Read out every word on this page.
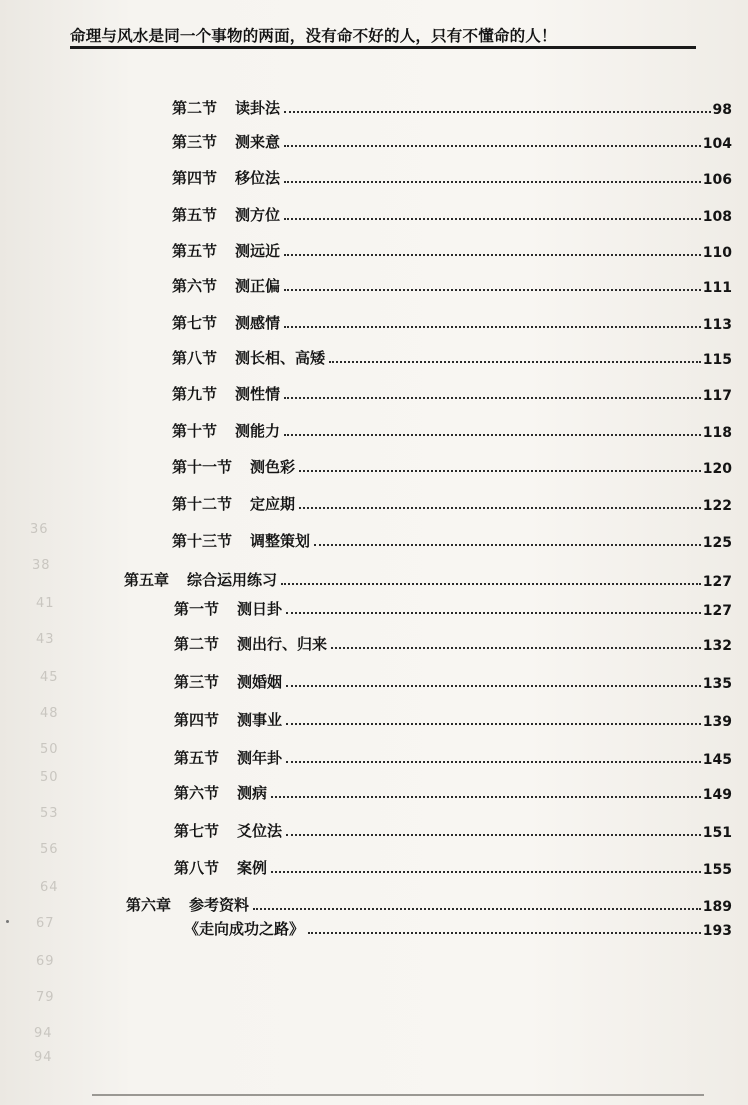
命理与风水是同一个事物的两面，没有命不好的人，只有不懂命的人！
第二节 读卦法	98
第三节 测来意	104
第四节 移位法	106
第五节 测方位	108
第五节 测远近	110
第六节 测正偏	111
第七节 测感情	113
第八节 测长相、高矮	115
第九节 测性情	117
第十节 测能力	118
第十一节 测色彩	120
第十二节 定应期	122
第十三节 调整策划	125
第五章 综合运用练习	127
第一节 测日卦	127
第二节 测出行、归来	132
第三节 测婚姻	135
第四节 测事业	139
第五节 测年卦	145
第六节 测病	149
第七节 爻位法	151
第八节 案例	155
第六章 参考资料	189
《走向成功之路》	193
36
38
41
43
45
48
50
50
53
56
64
67
69
79
94
94
